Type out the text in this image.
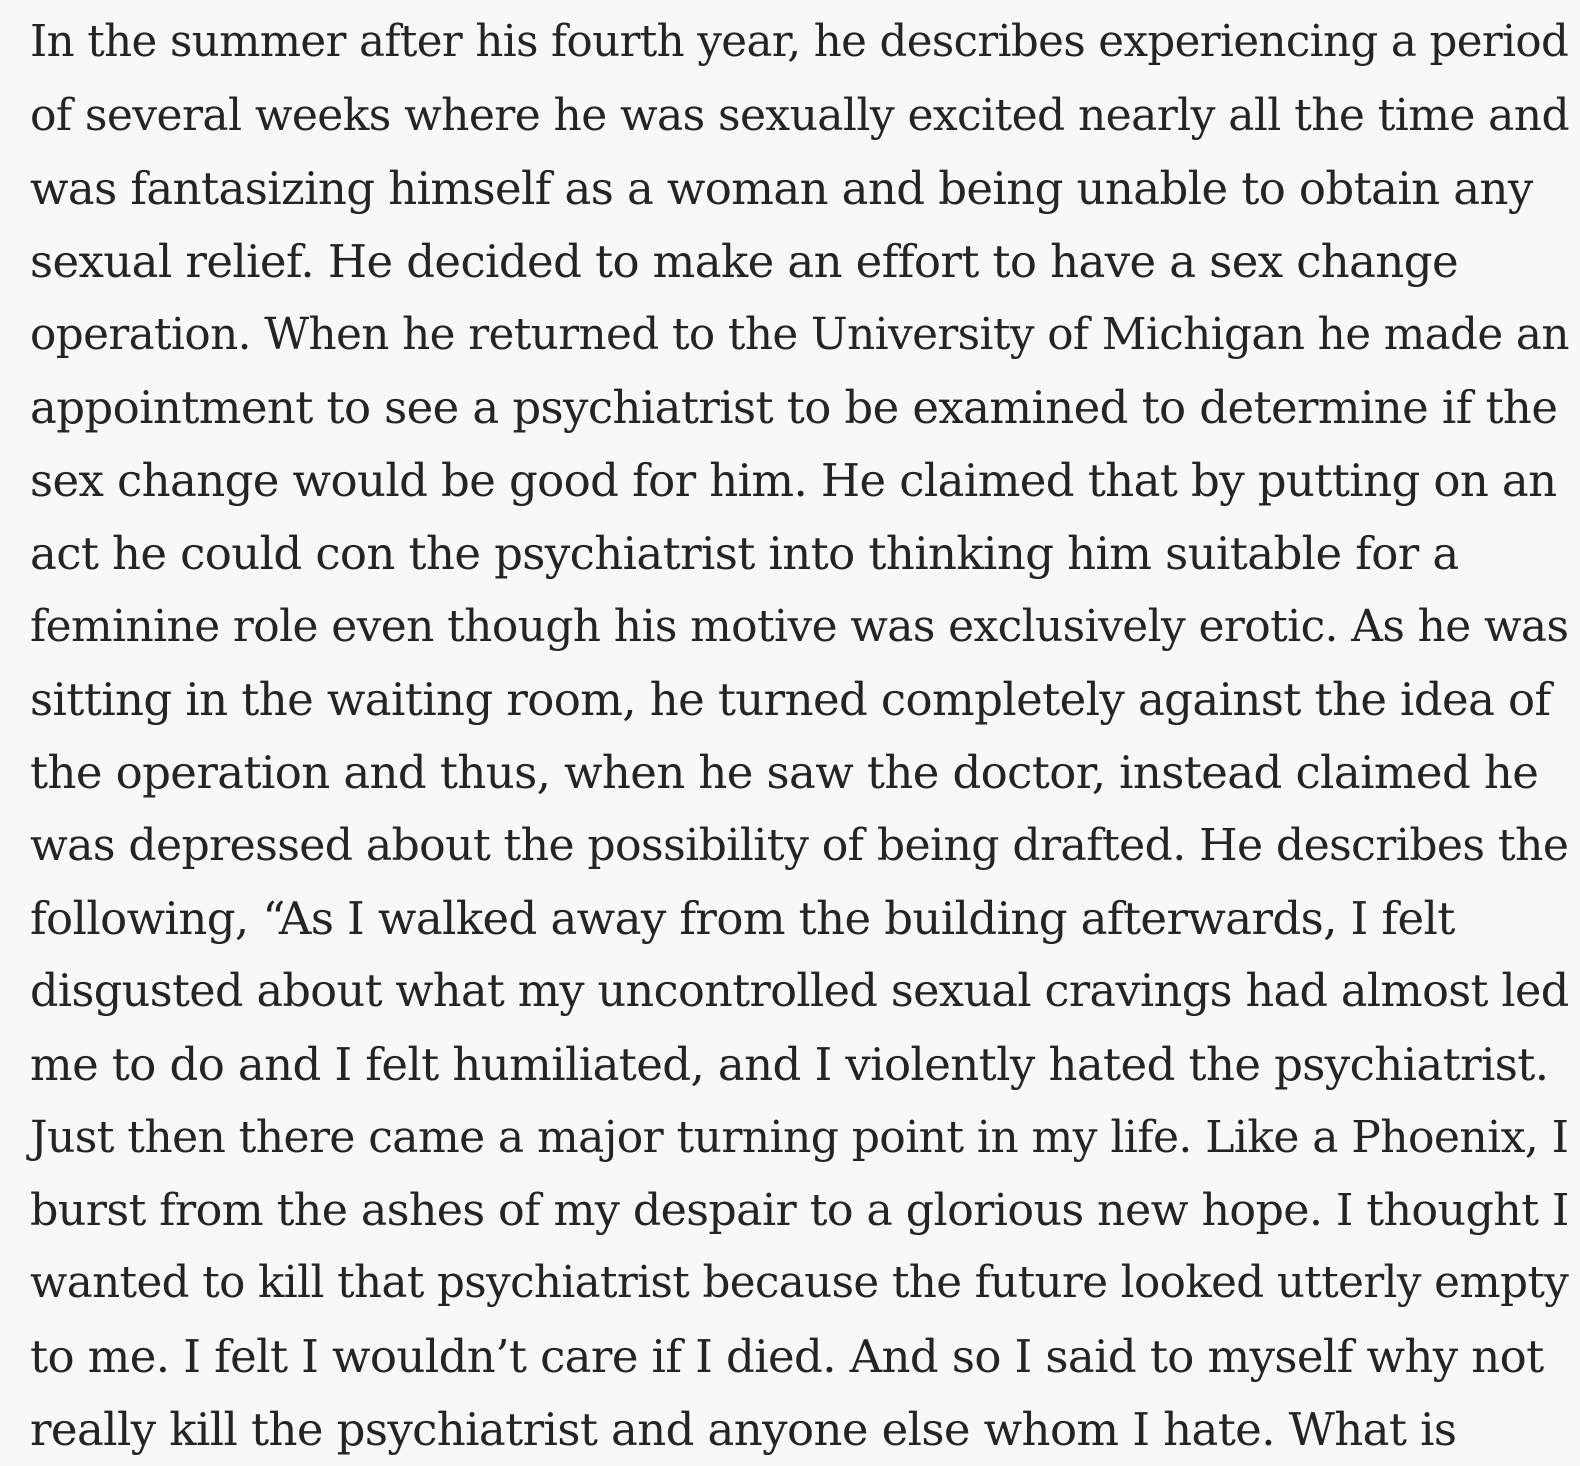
In the summer after his fourth year, he describes experiencing a period
of several weeks where he was sexually excited nearly all the time and
was fantasizing himself as a woman and being unable to obtain any
sexual relief. He decided to make an effort to have a sex change
operation. When he returned to the University of Michigan he made an
appointment to see a psychiatrist to be examined to determine if the
sex change would be good for him. He claimed that by putting on an
act he could con the psychiatrist into thinking him suitable for a
feminine role even though his motive was exclusively erotic. As he was
sitting in the waiting room, he turned completely against the idea of
the operation and thus, when he saw the doctor, instead claimed he
was depressed about the possibility of being drafted. He describes the
following, “As I walked away from the building afterwards, I felt
disgusted about what my uncontrolled sexual cravings had almost led
me to do and I felt humiliated, and I violently hated the psychiatrist.
Just then there came a major turning point in my life. Like a Phoenix, I
burst from the ashes of my despair to a glorious new hope. I thought I
wanted to kill that psychiatrist because the future looked utterly empty
to me. I felt I wouldn’t care if I died. And so I said to myself why not
really kill the psychiatrist and anyone else whom I hate. What is
